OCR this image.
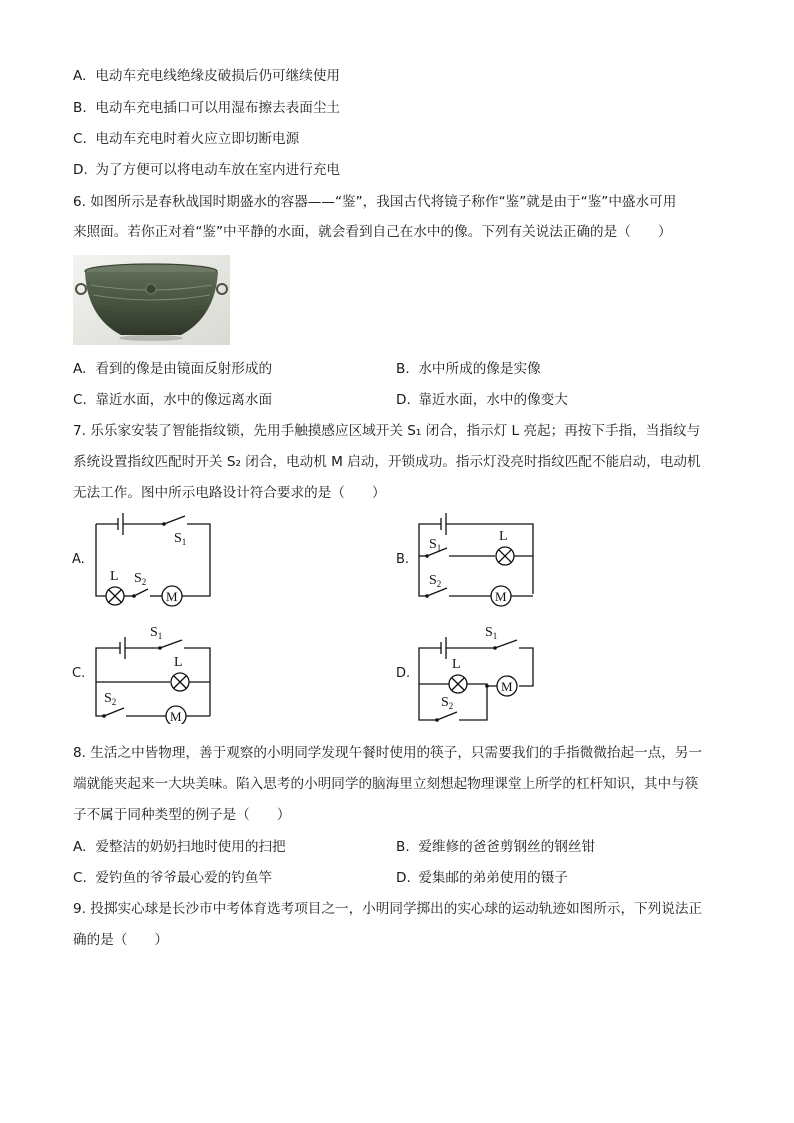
A. 电动车充电线绝缘皮破损后仍可继续使用
B. 电动车充电插口可以用湿布擦去表面尘土
C. 电动车充电时着火应立即切断电源
D. 为了方便可以将电动车放在室内进行充电
6. 如图所示是春秋战国时期盛水的容器——“鉴”，我国古代将镜子称作“鉴”就是由于“鉴”中盛水可用
来照面。若你正对着“鉴”中平静的水面，就会看到自己在水中的像。下列有关说法正确的是（　　）
A. 看到的像是由镜面反射形成的	B. 水中所成的像是实像
C. 靠近水面，水中的像远离水面	D. 靠近水面，水中的像变大
7. 乐乐家安装了智能指纹锁，先用手触摸感应区域开关 S₁ 闭合，指示灯 L 亮起；再按下手指，当指纹与
系统设置指纹匹配时开关 S₂ 闭合，电动机 M 启动，开锁成功。指示灯没亮时指纹匹配不能启动，电动机
无法工作。图中所示电路设计符合要求的是（　　）
A.	B.
C.	D.
$S_1$
L $S_2$
M
$S_1$
L
$S_2$
M
$S_1$
L
$S_2$
M
$S_1$
L
$S_2$
M
8. 生活之中皆物理，善于观察的小明同学发现午餐时使用的筷子，只需要我们的手指微微抬起一点，另一
端就能夹起来一大块美味。陷入思考的小明同学的脑海里立刻想起物理课堂上所学的杠杆知识，其中与筷
子不属于同种类型的例子是（　　）
A. 爱整洁的奶奶扫地时使用的扫把	B. 爱维修的爸爸剪钢丝的钢丝钳
C. 爱钓鱼的爷爷最心爱的钓鱼竿	D. 爱集邮的弟弟使用的镊子
9. 投掷实心球是长沙市中考体育选考项目之一，小明同学掷出的实心球的运动轨迹如图所示，下列说法正
确的是（　　）
